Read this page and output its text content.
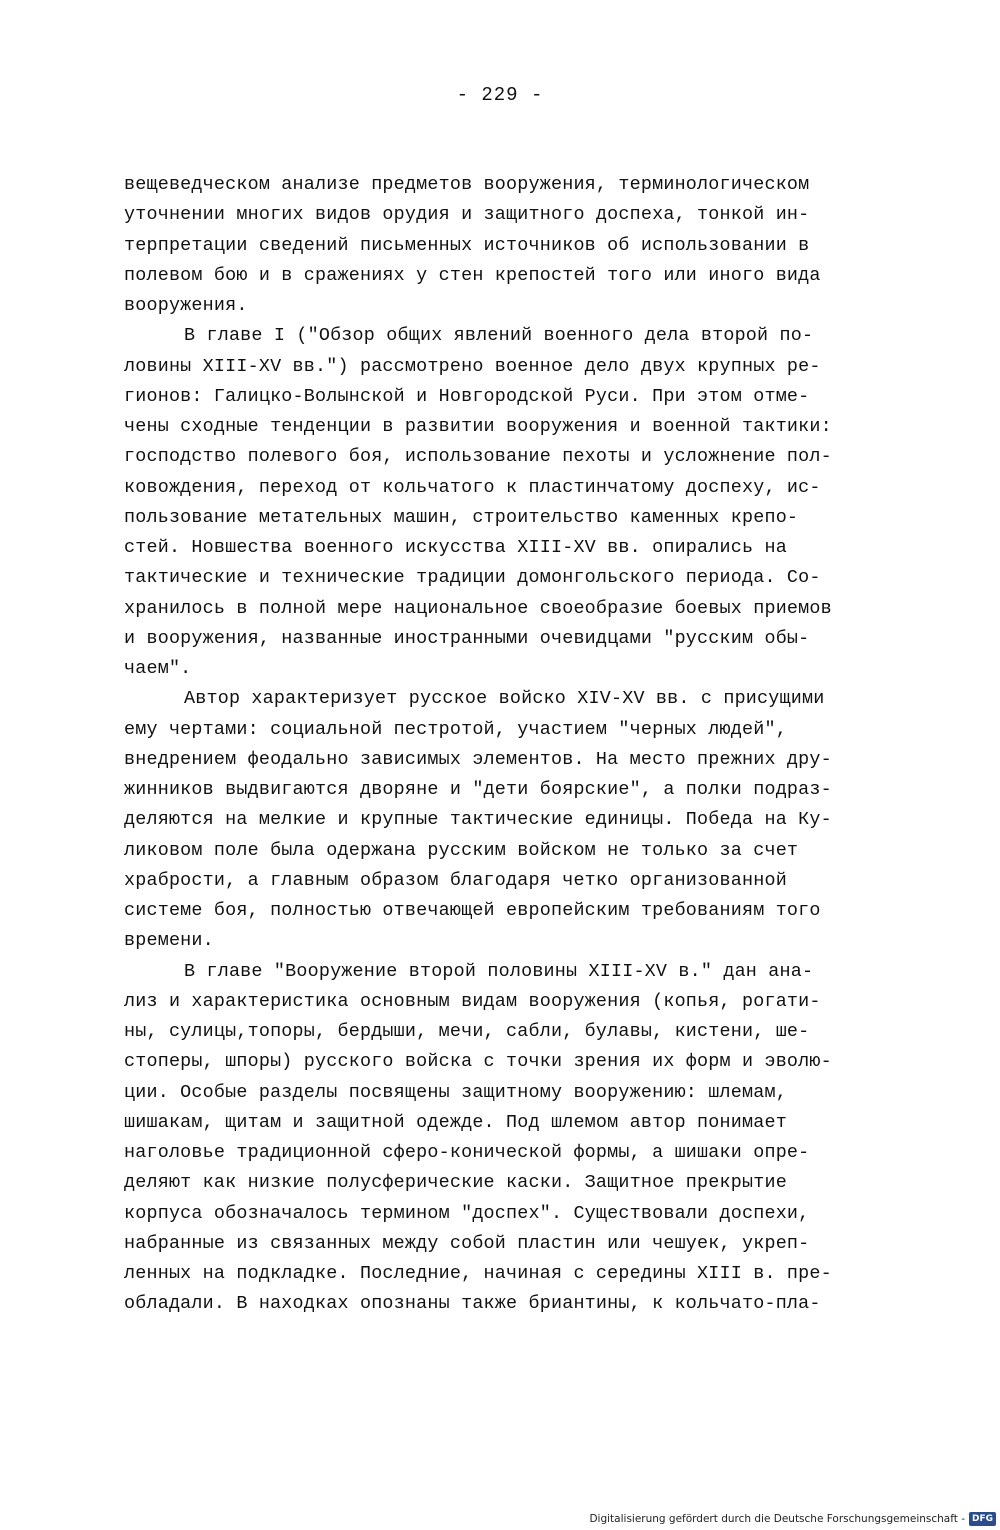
- 229 -
вещеведческом анализе предметов вооружения, терминологическом
уточнении многих видов орудия и защитного доспеха, тонкой ин-
терпретации сведений письменных источников об использовании в
полевом бою и в сражениях у стен крепостей того или иного вида
вооружения.
В главе I ("Обзор общих явлений военного дела второй по-
ловины XIII-XV вв.") рассмотрено военное дело двух крупных ре-
гионов: Галицко-Волынской и Новгородской Руси. При этом отме-
чены сходные тенденции в развитии вооружения и военной тактики:
господство полевого боя, использование пехоты и усложнение пол-
ковождения, переход от кольчатого к пластинчатому доспеху, ис-
пользование метательных машин, строительство каменных крепо-
стей. Новшества военного искусства XIII-XV вв. опирались на
тактические и технические традиции домонгольского периода. Со-
хранилось в полной мере национальное своеобразие боевых приемов
и вооружения, названные иностранными очевидцами "русским обы-
чаем".
Автор характеризует русское войско XIV-XV вв. с присущими
ему чертами: социальной пестротой, участием "черных людей",
внедрением феодально зависимых элементов. На место прежних дру-
жинников выдвигаются дворяне и "дети боярские", а полки подраз-
деляются на мелкие и крупные тактические единицы. Победа на Ку-
ликовом поле была одержана русским войском не только за счет
храбрости, а главным образом благодаря четко организованной
системе боя, полностью отвечающей европейским требованиям того
времени.
В главе "Вооружение второй половины XIII-XV в." дан ана-
лиз и характеристика основным видам вооружения (копья, рогати-
ны, сулицы,топоры, бердыши, мечи, сабли, булавы, кистени, ше-
стоперы, шпоры) русского войска с точки зрения их форм и эволю-
ции. Особые разделы посвящены защитному вооружению: шлемам,
шишакам, щитам и защитной одежде. Под шлемом автор понимает
наголовье традиционной сферо-конической формы, а шишаки опре-
деляют как низкие полусферические каски. Защитное прекрытие
корпуса обозначалось термином "доспех". Существовали доспехи,
набранные из связанных между собой пластин или чешуек, укреп-
ленных на подкладке. Последние, начиная с середины XIII в. пре-
обладали. В находках опознаны также бриантины, к кольчато-пла-
Digitalisierung gefördert durch die Deutsche Forschungsgemeinschaft - DFG
